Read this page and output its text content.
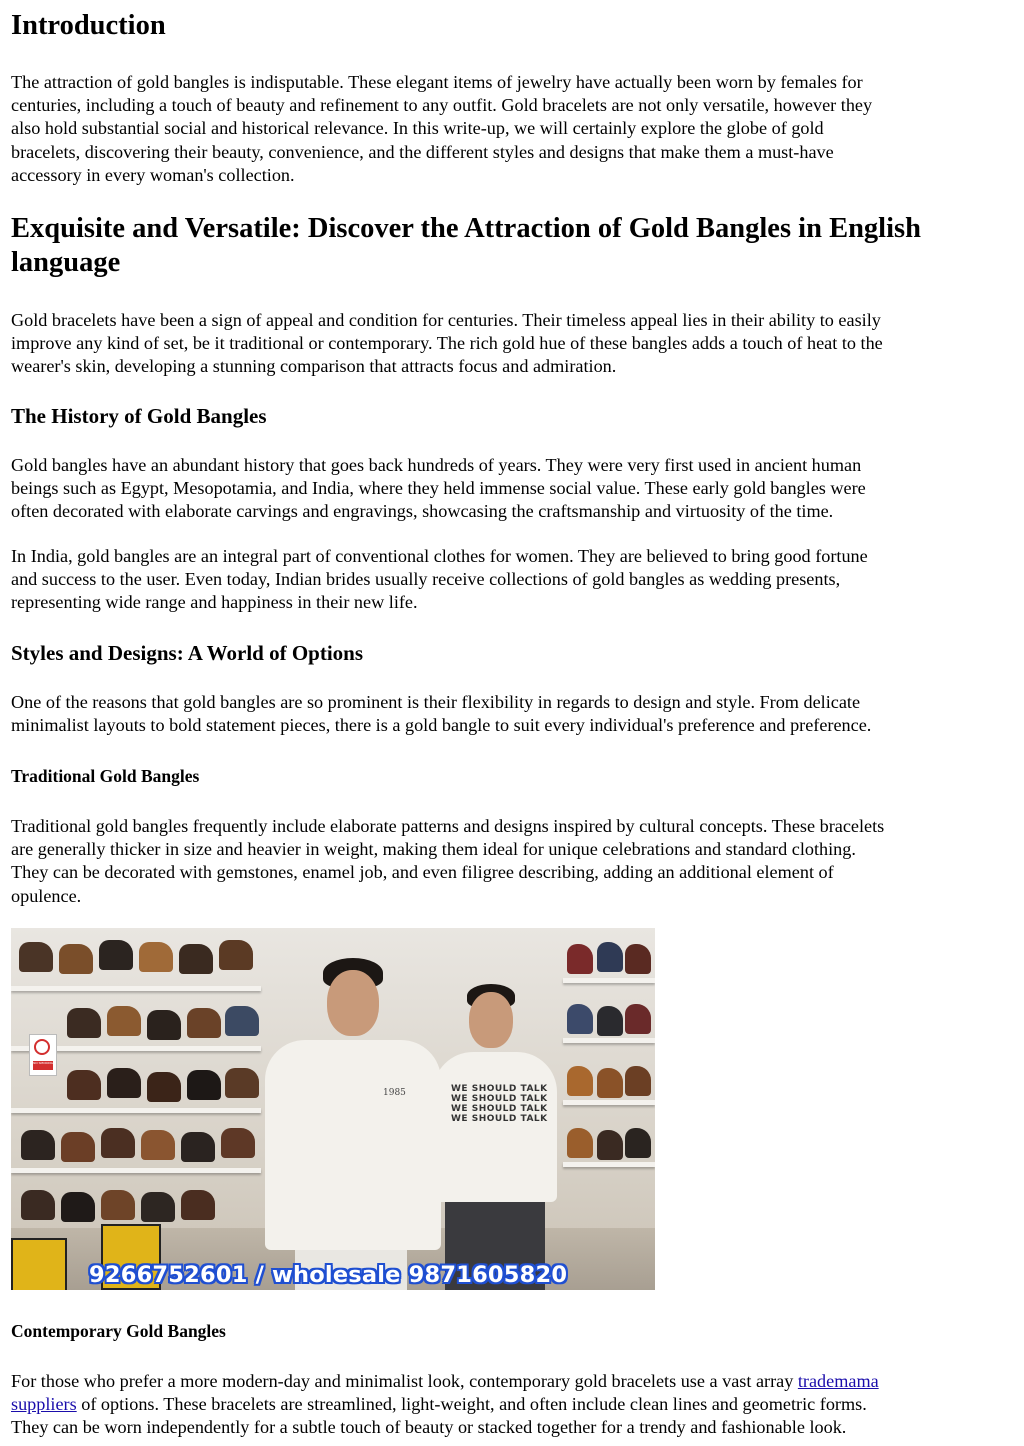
Introduction

The attraction of gold bangles is indisputable. These elegant items of jewelry have actually been worn by females for

centuries, including a touch of beauty and refinement to any outfit. Gold bracelets are not only versatile, however they

also hold substantial social and historical relevance. In this write-up, we will certainly explore the globe of gold

bracelets, discovering their beauty, convenience, and the different styles and designs that make them a must-have

accessory in every woman's collection.

Exquisite and Versatile: Discover the Attraction of Gold Bangles in English
language

Gold bracelets have been a sign of appeal and condition for centuries. Their timeless appeal lies in their ability to easily

improve any kind of set, be it traditional or contemporary. The rich gold hue of these bangles adds a touch of heat to the

wearer's skin, developing a stunning comparison that attracts focus and admiration.

The History of Gold Bangles

Gold bangles have an abundant history that goes back hundreds of years. They were very first used in ancient human

beings such as Egypt, Mesopotamia, and India, where they held immense social value. These early gold bangles were

often decorated with elaborate carvings and engravings, showcasing the craftsmanship and virtuosity of the time.

In India, gold bangles are an integral part of conventional clothes for women. They are believed to bring good fortune

and success to the user. Even today, Indian brides usually receive collections of gold bangles as wedding presents,

representing wide range and happiness in their new life.

Styles and Designs: A World of Options

One of the reasons that gold bangles are so prominent is their flexibility in regards to design and style. From delicate

minimalist layouts to bold statement pieces, there is a gold bangle to suit every individual's preference and preference.

Traditional Gold Bangles

Traditional gold bangles frequently include elaborate patterns and designs inspired by cultural concepts. These bracelets

are generally thicker in size and heavier in weight, making them ideal for unique celebrations and standard clothing.

They can be decorated with gemstones, enamel job, and even filigree describing, adding an additional element of

opulence.

NO SMOKING
1985	WE SHOULD TALK
WE SHOULD TALK
WE SHOULD TALK
WE SHOULD TALK
9266752601 / wholesale 9871605820
Contemporary Gold Bangles

For those who prefer a more modern-day and minimalist look, contemporary gold bracelets use a vast array trademama

suppliers of options. These bracelets are streamlined, light-weight, and often include clean lines and geometric forms.

They can be worn independently for a subtle touch of beauty or stacked together for a trendy and fashionable look.
